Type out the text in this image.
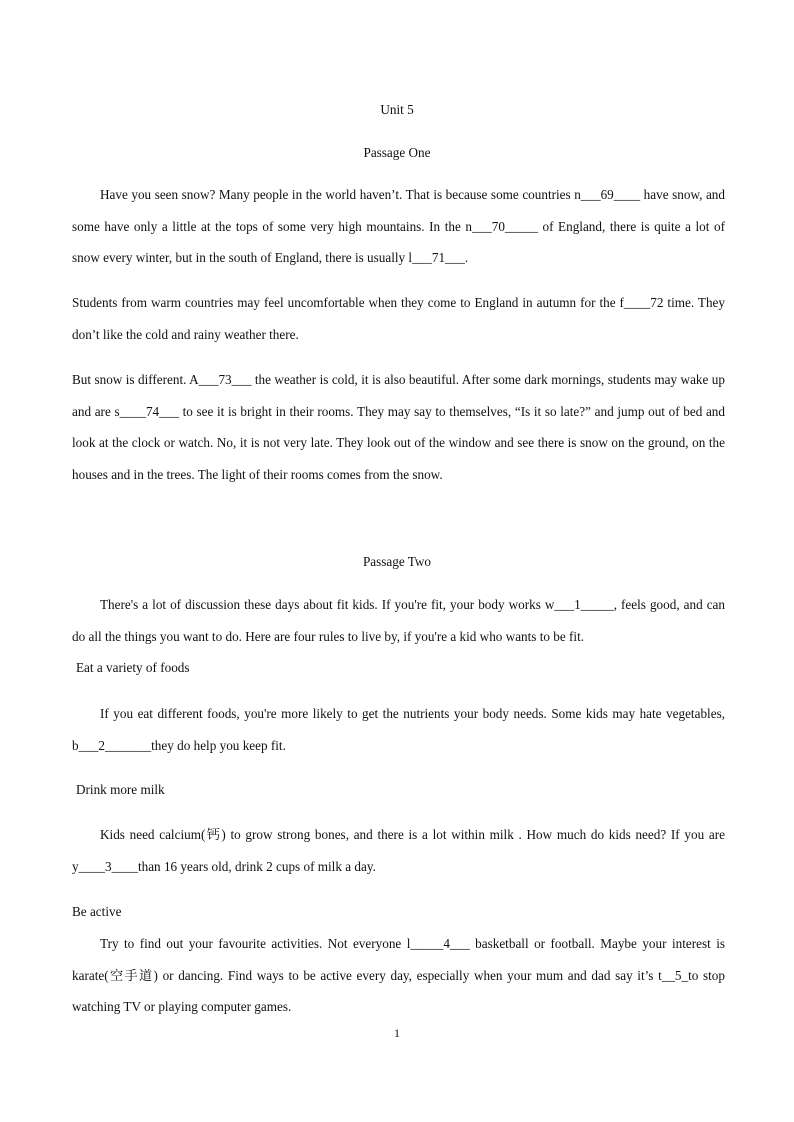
Unit 5
Passage One

Have you seen snow? Many people in the world haven’t. That is because some countries n___69____ have snow, and some have only a little at the tops of some very high mountains. In the n___70_____ of England, there is quite a lot of snow every winter, but in the south of England, there is usually l___71___.

Students from warm countries may feel uncomfortable when they come to England in autumn for the f____72 time. They don’t like the cold and rainy weather there.

But snow is different. A___73___ the weather is cold, it is also beautiful. After some dark mornings, students may wake up and are s____74___ to see it is bright in their rooms. They may say to themselves, “Is it so late?” and jump out of bed and look at the clock or watch. No, it is not very late. They look out of the window and see there is snow on the ground, on the houses and in the trees. The light of their rooms comes from the snow.

Passage Two

There's a lot of discussion these days about fit kids. If you're fit, your body works w___1_____, feels good, and can do all the things you want to do. Here are four rules to live by, if you're a kid who wants to be fit.

Eat a variety of foods

If you eat different foods, you're more likely to get the nutrients your body needs. Some kids may hate vegetables, b___2_______they do help you keep fit.

Drink more milk

Kids need calcium(钙) to grow strong bones, and there is a lot within milk . How much do kids need? If you are y____3____than 16 years old, drink 2 cups of milk a day.

Be active

Try to find out your favourite activities. Not everyone l_____4___ basketball or football. Maybe your interest is karate(空手道) or dancing. Find ways to be active every day, especially when your mum and dad say it’s t__5_to stop watching TV or playing computer games.

1
